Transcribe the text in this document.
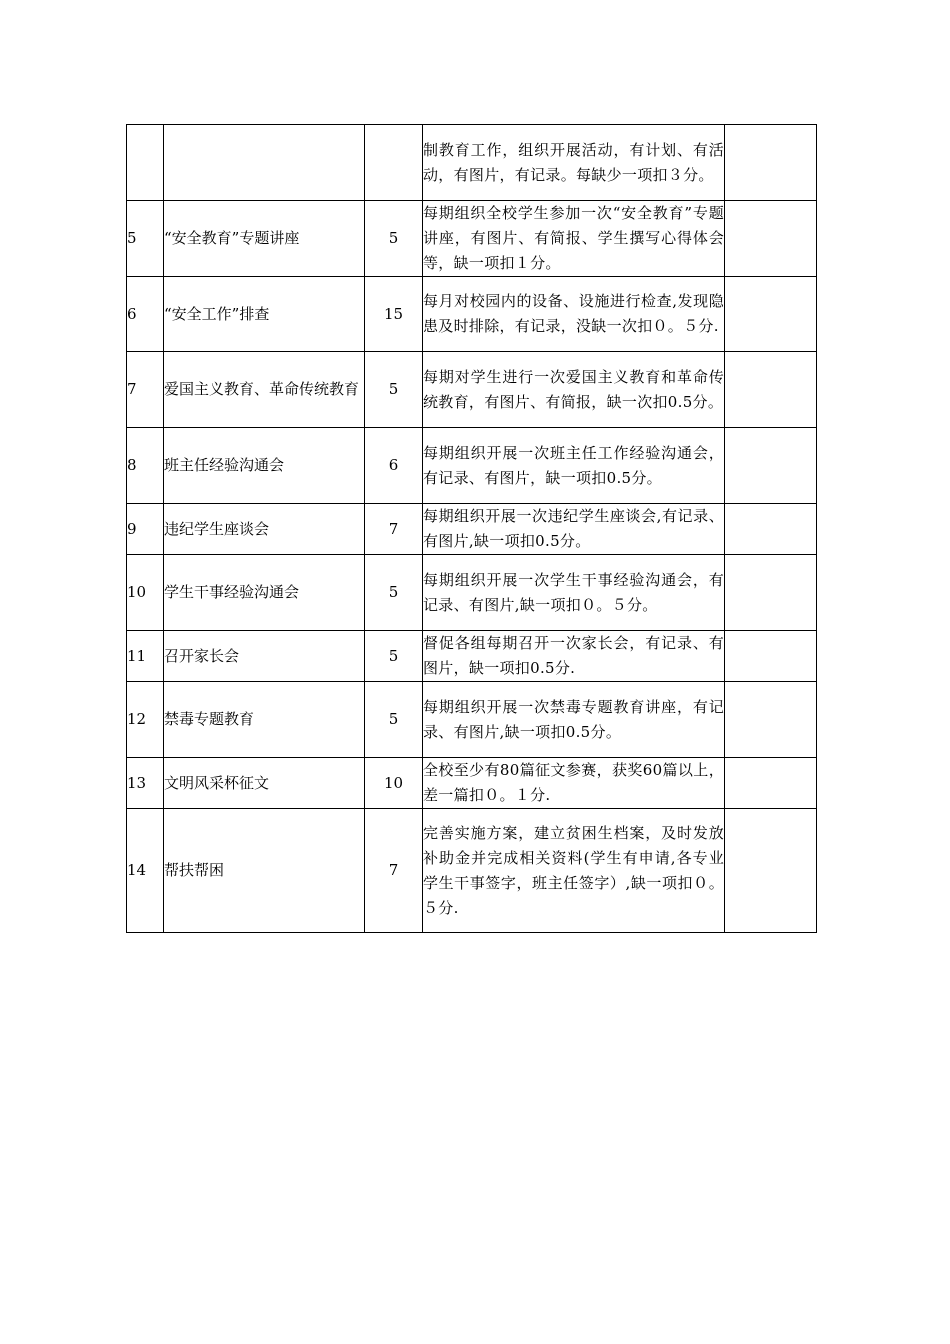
			制教育工作，组织开展活动，有计划、有活动，有图片，有记录。每缺少一项扣３分。	
5	“安全教育”专题讲座	5	每期组织全校学生参加一次“安全教育”专题讲座，有图片、有简报、学生撰写心得体会等，缺一项扣１分。	
6	“安全工作”排查	15	每月对校园内的设备、设施进行检查,发现隐患及时排除，有记录，没缺一次扣０。５分.	
7	爱国主义教育、革命传统教育	5	每期对学生进行一次爱国主义教育和革命传统教育，有图片、有简报，缺一次扣0.5分。	
8	班主任经验沟通会	6	每期组织开展一次班主任工作经验沟通会，有记录、有图片，缺一项扣0.5分。	
9	违纪学生座谈会	7	每期组织开展一次违纪学生座谈会,有记录、有图片,缺一项扣0.5分。	
10	学生干事经验沟通会	5	每期组织开展一次学生干事经验沟通会，有记录、有图片,缺一项扣０。５分。	
11	召开家长会	5	督促各组每期召开一次家长会，有记录、有图片，缺一项扣0.5分.	
12	禁毒专题教育	5	每期组织开展一次禁毒专题教育讲座，有记录、有图片,缺一项扣0.5分。	
13	文明风采杯征文	10	全校至少有80篇征文参赛，获奖60篇以上，差一篇扣０。１分.	
14	帮扶帮困	7	完善实施方案，建立贫困生档案，及时发放补助金并完成相关资料(学生有申请,各专业学生干事签字，班主任签字）,缺一项扣０。５分.	
